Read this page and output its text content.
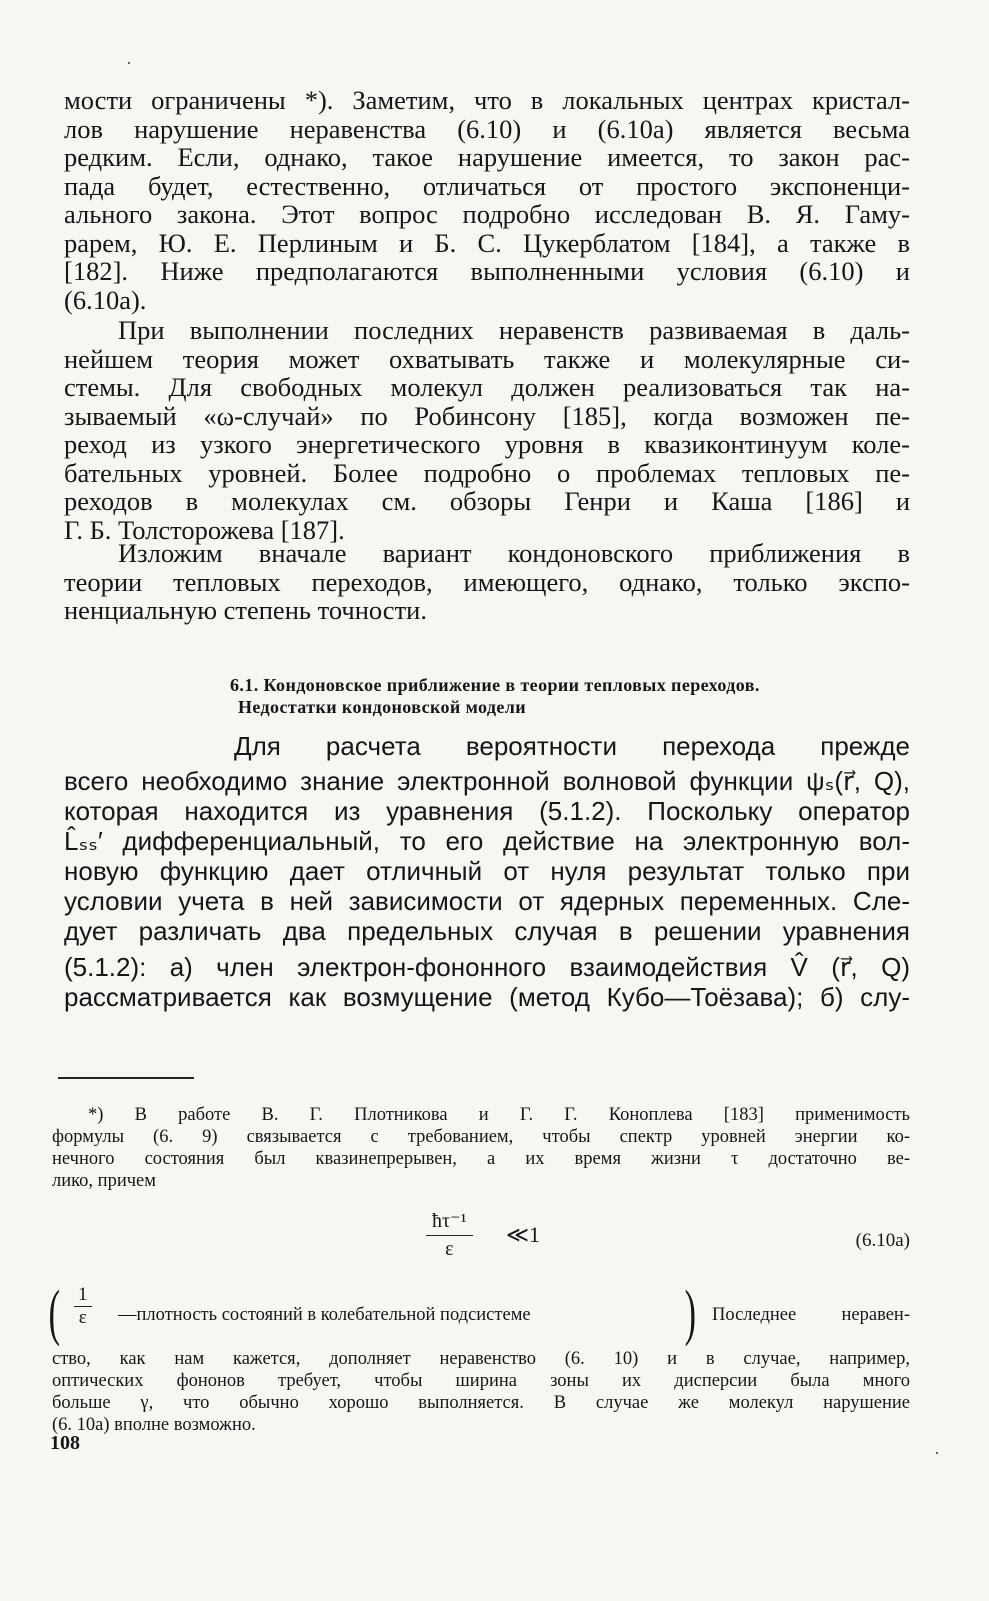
мости ограничены *). Заметим, что в локальных центрах кристал-
лов нарушение неравенства (6.10) и (6.10а) является весьма
редким. Если, однако, такое нарушение имеется, то закон рас-
пада будет, естественно, отличаться от простого экспоненци-
ального закона. Этот вопрос подробно исследован В. Я. Гаму-
рарем, Ю. Е. Перлиным и Б. С. Цукерблатом [184], а также в
[182]. Ниже предполагаются выполненными условия (6.10) и
(6.10а).
При выполнении последних неравенств развиваемая в даль-
нейшем теория может охватывать также и молекулярные си-
стемы. Для свободных молекул должен реализоваться так на-
зываемый «ω-случай» по Робинсону [185], когда возможен пе-
реход из узкого энергетического уровня в квазиконтинуум коле-
бательных уровней. Более подробно о проблемах тепловых пе-
реходов в молекулах см. обзоры Генри и Каша [186] и
Г. Б. Толсторожева [187].
Изложим вначале вариант кондоновского приближения в
теории тепловых переходов, имеющего, однако, только экспо-
ненциальную степень точности.
6.1. Кондоновское приближение в теории тепловых переходов.
Недостатки кондоновской модели
Для расчета вероятности перехода прежде
всего необходимо знание электронной волновой функции ψₛ(r⃗, Q),
которая находится из уравнения (5.1.2). Поскольку оператор
L̂ₛₛ′ дифференциальный, то его действие на электронную вол-
новую функцию дает отличный от нуля результат только при
условии учета в ней зависимости от ядерных переменных. Сле-
дует различать два предельных случая в решении уравнения
(5.1.2): а) член электрон-фононного взаимодействия V̂ (r⃗, Q)
рассматривается как возмущение (метод Кубо—Тоёзава); б) слу-
*) В работе В. Г. Плотникова и Г. Г. Коноплева [183] применимость
формулы (6. 9) связывается с требованием, чтобы спектр уровней энергии ко-
нечного состояния был квазинепрерывен, а их время жизни τ достаточно ве-
лико, причем
$\frac{\text{ħτ⁻¹}}{\varepsilon}$ ≪1	(6.10а)
( $\frac{1}{\varepsilon}$ —плотность состояний в колебательной подсистеме ) Последнее неравен-
ство, как нам кажется, дополняет неравенство (6. 10) и в случае, например,
оптических фононов требует, чтобы ширина зоны их дисперсии была много
больше γ, что обычно хорошо выполняется. В случае же молекул нарушение
(6. 10а) вполне возможно.
108
